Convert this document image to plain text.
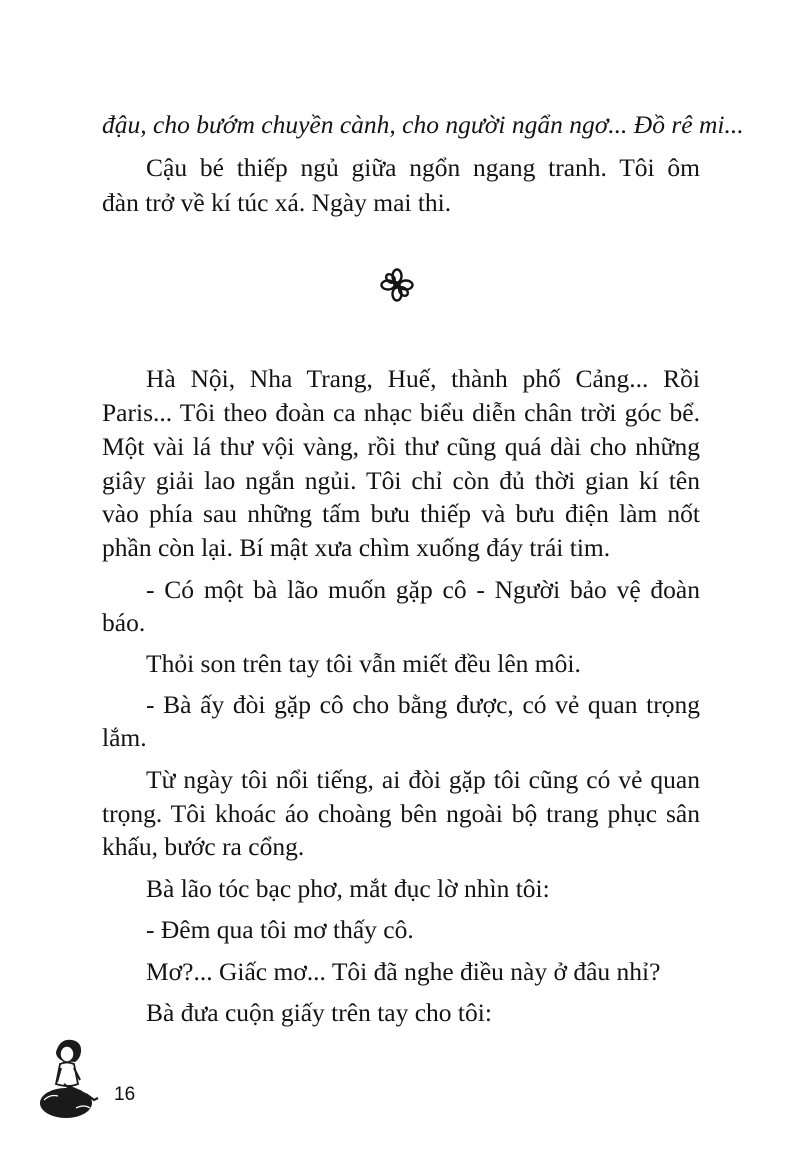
đậu, cho bướm chuyền cành, cho người ngẩn ngơ... Đồ rê mi...
Cậu bé thiếp ngủ giữa ngổn ngang tranh. Tôi ôm
đàn trở về kí túc xá. Ngày mai thi.
Hà Nội, Nha Trang, Huế, thành phố Cảng... Rồi
Paris... Tôi theo đoàn ca nhạc biểu diễn chân trời góc bể.
Một vài lá thư vội vàng, rồi thư cũng quá dài cho những
giây giải lao ngắn ngủi. Tôi chỉ còn đủ thời gian kí tên
vào phía sau những tấm bưu thiếp và bưu điện làm nốt
phần còn lại. Bí mật xưa chìm xuống đáy trái tim.
- Có một bà lão muốn gặp cô - Người bảo vệ đoàn
báo.
Thỏi son trên tay tôi vẫn miết đều lên môi.
- Bà ấy đòi gặp cô cho bằng được, có vẻ quan trọng
lắm.
Từ ngày tôi nổi tiếng, ai đòi gặp tôi cũng có vẻ quan
trọng. Tôi khoác áo choàng bên ngoài bộ trang phục sân
khấu, bước ra cổng.
Bà lão tóc bạc phơ, mắt đục lờ nhìn tôi:
- Đêm qua tôi mơ thấy cô.
Mơ?... Giấc mơ... Tôi đã nghe điều này ở đâu nhỉ?
Bà đưa cuộn giấy trên tay cho tôi:
16
